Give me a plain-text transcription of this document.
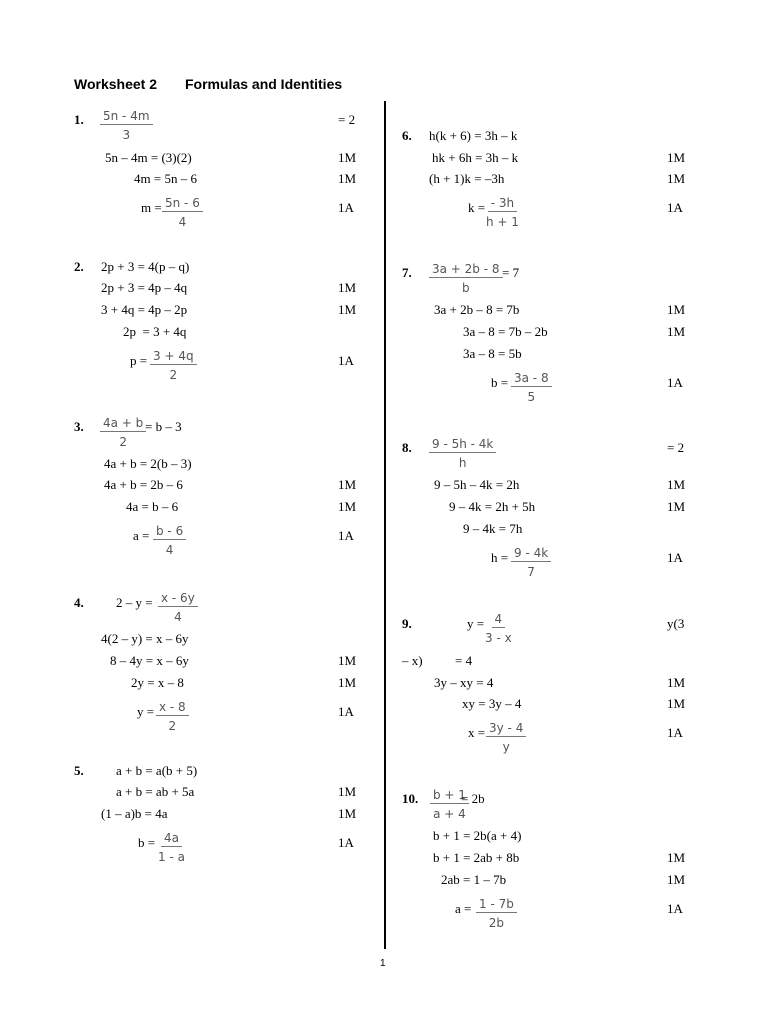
Worksheet 2 Formulas and Identities
1. $\frac{5n - 4m}{3}$	= 2
5n – 4m = (3)(2)	1M
4m = 5n – 6	1M
$m = \frac{5n - 6}{4}$	1A
2. 2p + 3 = 4(p – q)
2p + 3 = 4p – 4q	1M
3 + 4q = 4p – 2p	1M
2p  = 3 + 4q
$p = \frac{3 + 4q}{2}$	1A
3. $\frac{4a + b}{2}$
= b – 3
4a + b = 2(b – 3)
4a + b = 2b – 6	1M
4a = b – 6	1M
$a = \frac{b - 6}{4}$	1A
4. $2 - y = \frac{x - 6y}{4}$
4(2 – y) = x – 6y
8 – 4y = x – 6y	1M
2y = x – 8	1M
$y = \frac{x - 8}{2}$	1A
5. a + b = a(b + 5)
a + b = ab + 5a	1M
(1 – a)b = 4a	1M
$b = \frac{4a}{1 - a}$	1A
6. h(k + 6) = 3h – k
hk + 6h = 3h – k	1M
(h + 1)k = –3h	1M
$k = \frac{- 3h}{h + 1}$	1A
7. $\frac{3a + 2b - 8}{b} = 7$
3a + 2b – 8 = 7b	1M
3a – 8 = 7b – 2b	1M
3a – 8 = 5b
$b = \frac{3a - 8}{5}$	1A
8. $\frac{9 - 5h - 4k}{h}$	= 2
9 – 5h – 4k = 2h	1M
9 – 4k = 2h + 5h	1M
9 – 4k = 7h
$h = \frac{9 - 4k}{7}$	1A
9.	$y = \frac{4}{3 - x}$	y(3
– x) = 4
3y – xy = 4	1M
xy = 3y – 4	1M
$x = \frac{3y - 4}{y}$	1A
10. $\frac{b + 1}{a + 4}$
= 2b
b + 1 = 2b(a + 4)
b + 1 = 2ab + 8b	1M
2ab = 1 – 7b	1M
$a = \frac{1 - 7b}{2b}$	1A
1
